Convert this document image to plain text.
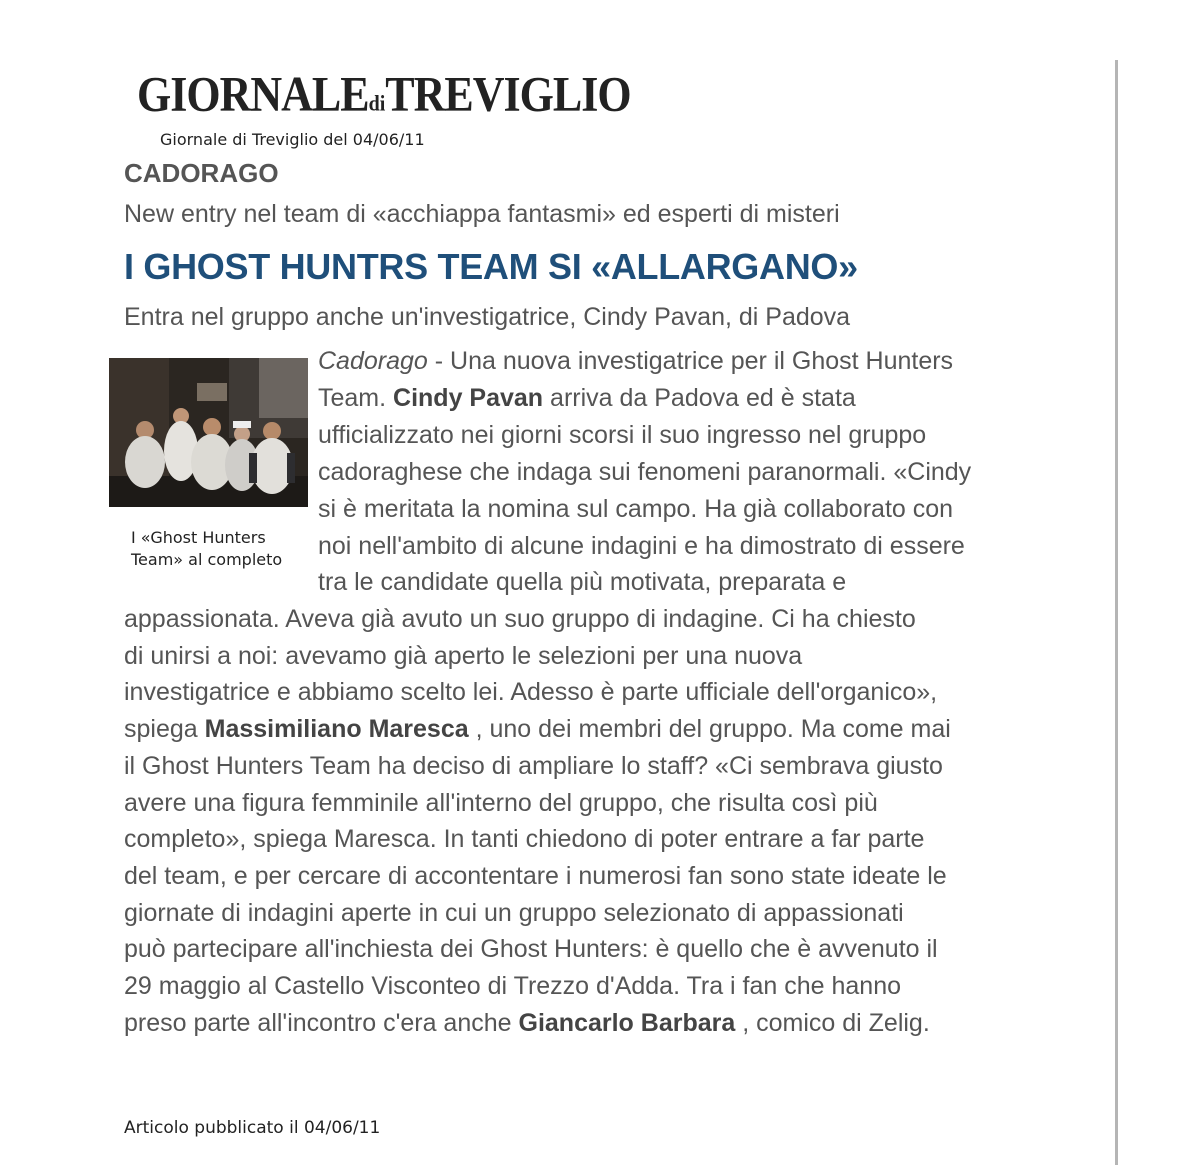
GIORNALEdiTREVIGLIO
Giornale di Treviglio del 04/06/11
CADORAGO
New entry nel team di «acchiappa fantasmi» ed esperti di misteri
I GHOST HUNTRS TEAM SI «ALLARGANO»
Entra nel gruppo anche un'investigatrice, Cindy Pavan, di Padova
I «Ghost Hunters Team» al completo
Cadorago - Una nuova investigatrice per il Ghost Hunters
Team. Cindy Pavan arriva da Padova ed è stata
ufficializzato nei giorni scorsi il suo ingresso nel gruppo
cadoraghese che indaga sui fenomeni paranormali. «Cindy
si è meritata la nomina sul campo. Ha già collaborato con
noi nell'ambito di alcune indagini e ha dimostrato di essere
tra le candidate quella più motivata, preparata e
appassionata. Aveva già avuto un suo gruppo di indagine. Ci ha chiesto
di unirsi a noi: avevamo già aperto le selezioni per una nuova
investigatrice e abbiamo scelto lei. Adesso è parte ufficiale dell'organico»,
spiega Massimiliano Maresca , uno dei membri del gruppo. Ma come mai
il Ghost Hunters Team ha deciso di ampliare lo staff? «Ci sembrava giusto
avere una figura femminile all'interno del gruppo, che risulta così più
completo», spiega Maresca. In tanti chiedono di poter entrare a far parte
del team, e per cercare di accontentare i numerosi fan sono state ideate le
giornate di indagini aperte in cui un gruppo selezionato di appassionati
può partecipare all'inchiesta dei Ghost Hunters: è quello che è avvenuto il
29 maggio al Castello Visconteo di Trezzo d'Adda. Tra i fan che hanno
preso parte all'incontro c'era anche Giancarlo Barbara , comico di Zelig.
Articolo pubblicato il 04/06/11
